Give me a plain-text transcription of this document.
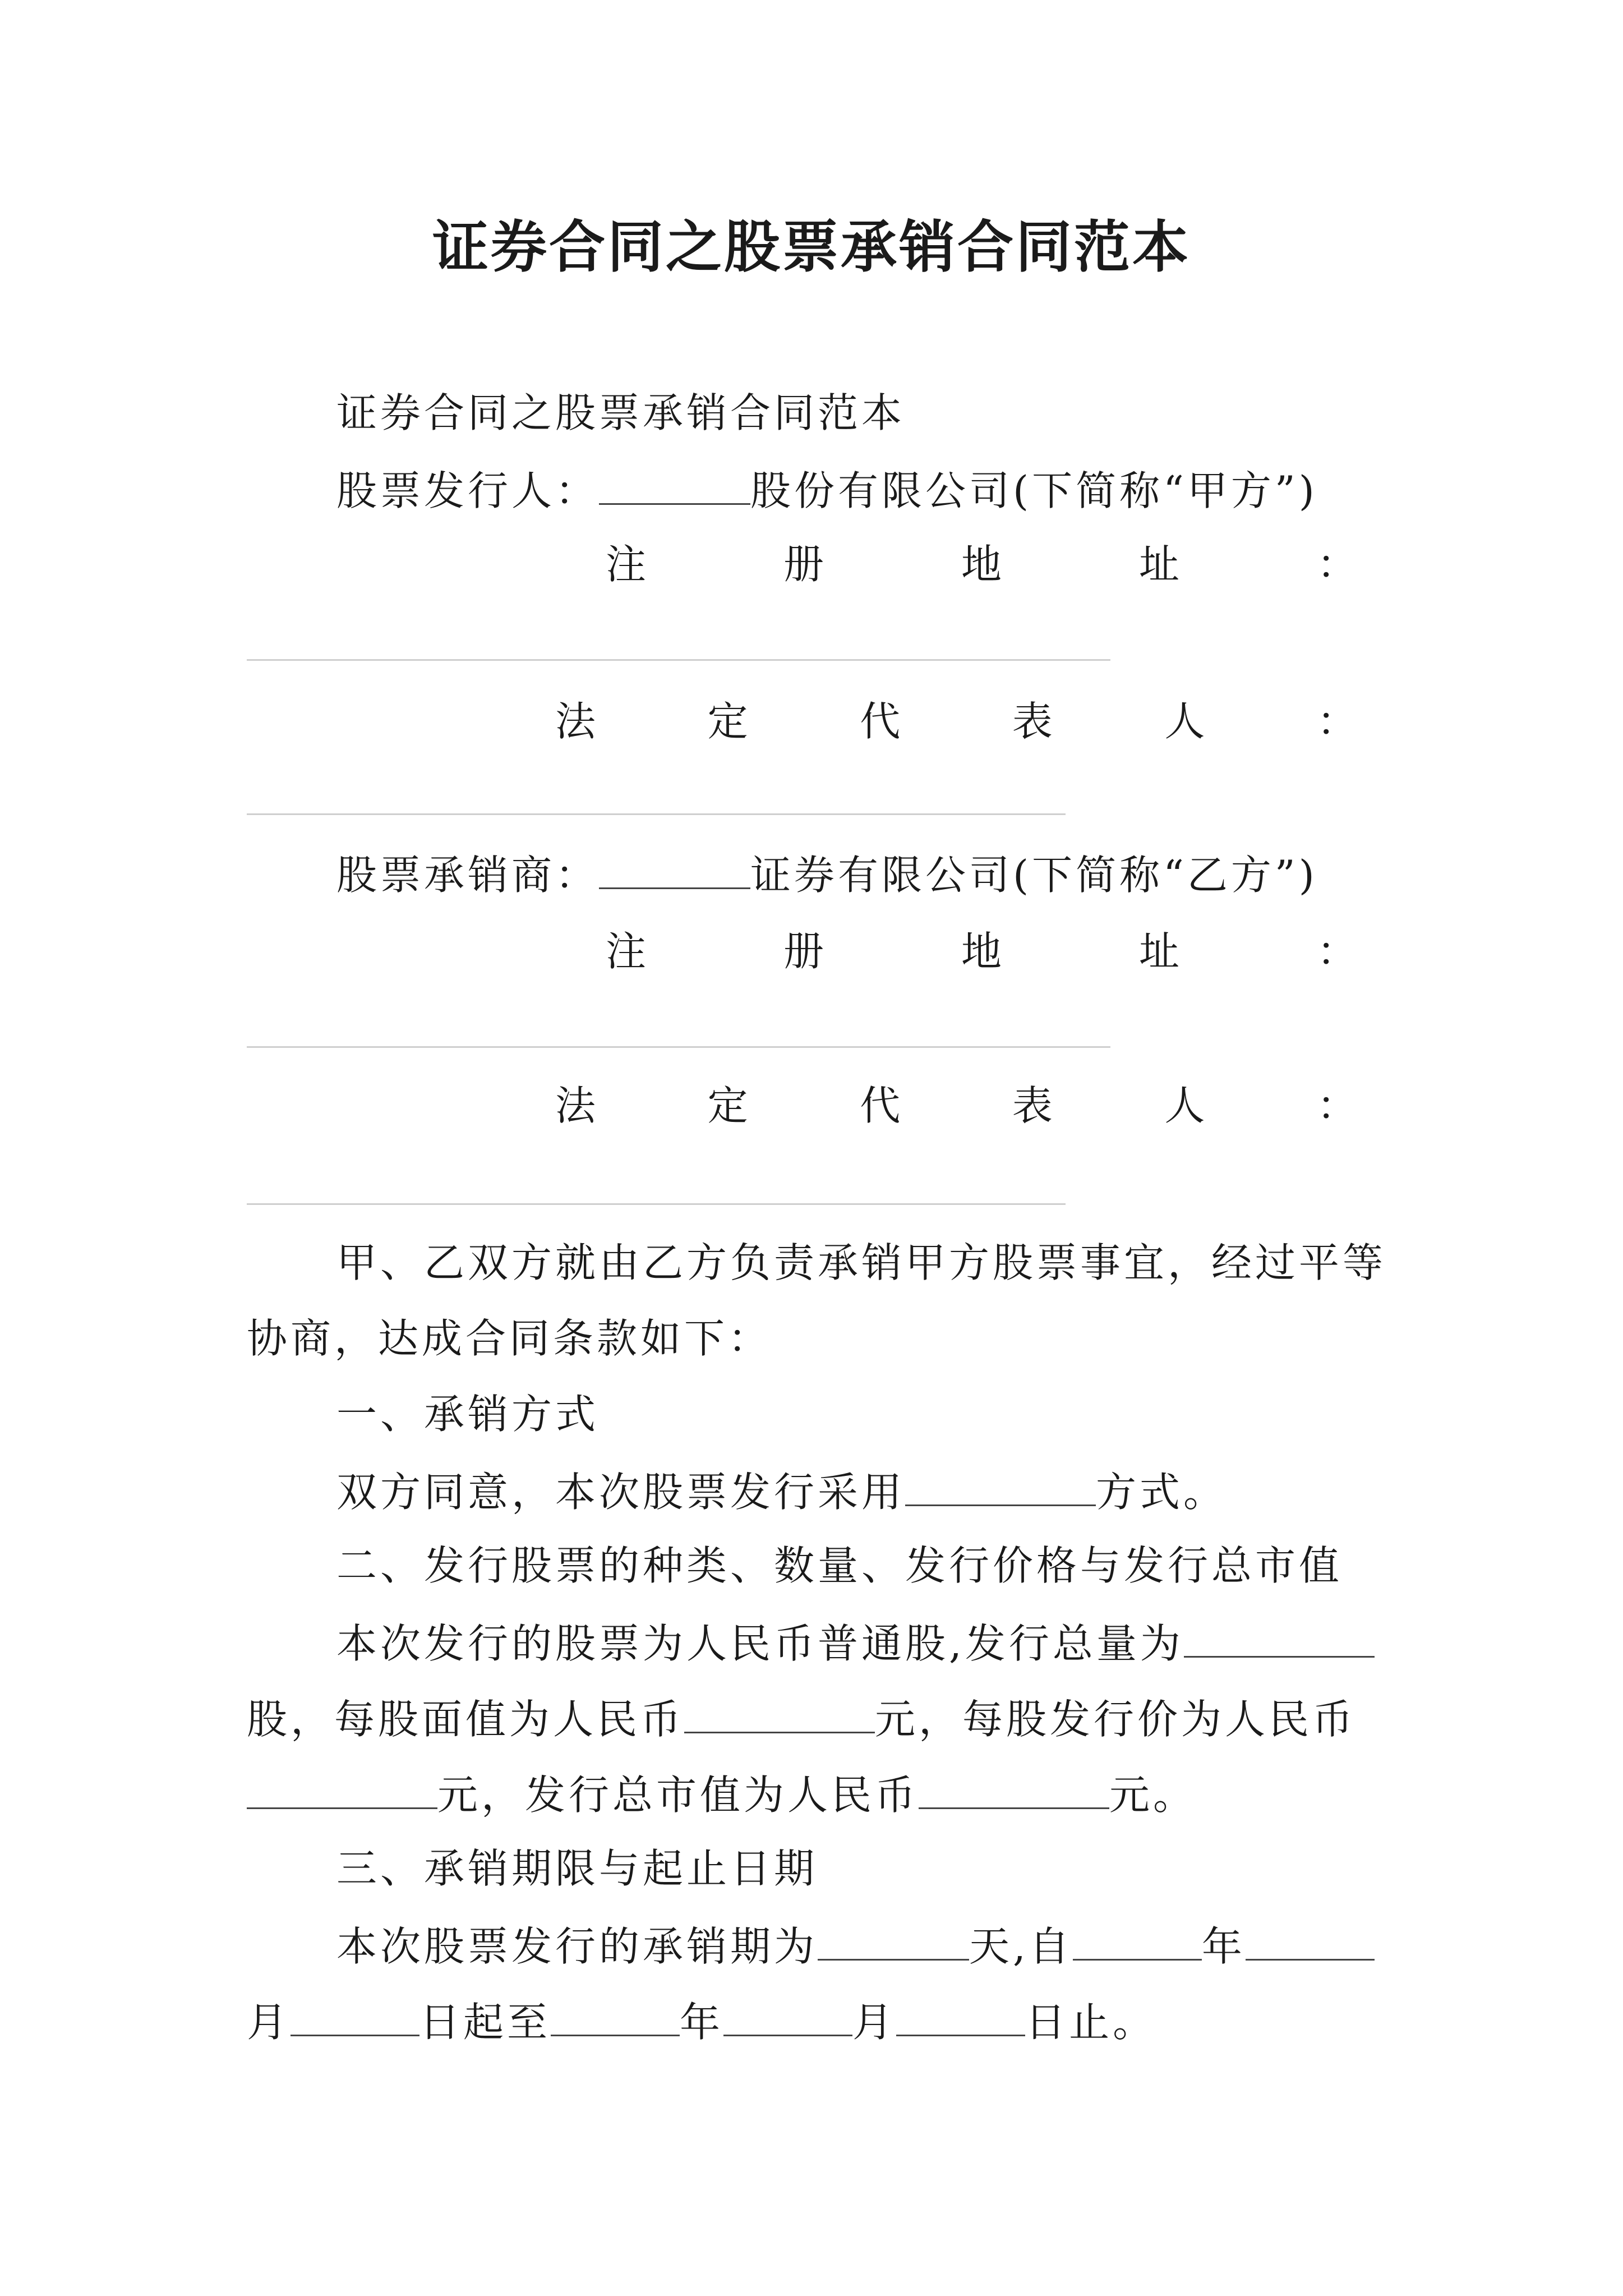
证券合同之股票承销合同范本
证券合同之股票承销合同范本
股票发行人：	股份有限公司(下简称“甲方”)
注	册	地	址	：
法	定	代	表	人	：
股票承销商：	证券有限公司(下简称“乙方”)
注	册	地	址	：
法	定	代	表	人	：
甲、乙双方就由乙方负责承销甲方股票事宜，经过平等
协商，达成合同条款如下：
一、承销方式
双方同意，本次股票发行采用	方式。
二、发行股票的种类、数量、发行价格与发行总市值
本次发行的股票为人民币普通股,发行总量为
股，每股面值为人民币	元，每股发行价为人民币
元，发行总市值为人民币	元。
三、承销期限与起止日期
本次股票发行的承销期为	天,自	年
月	日起至	年	月	日止。
